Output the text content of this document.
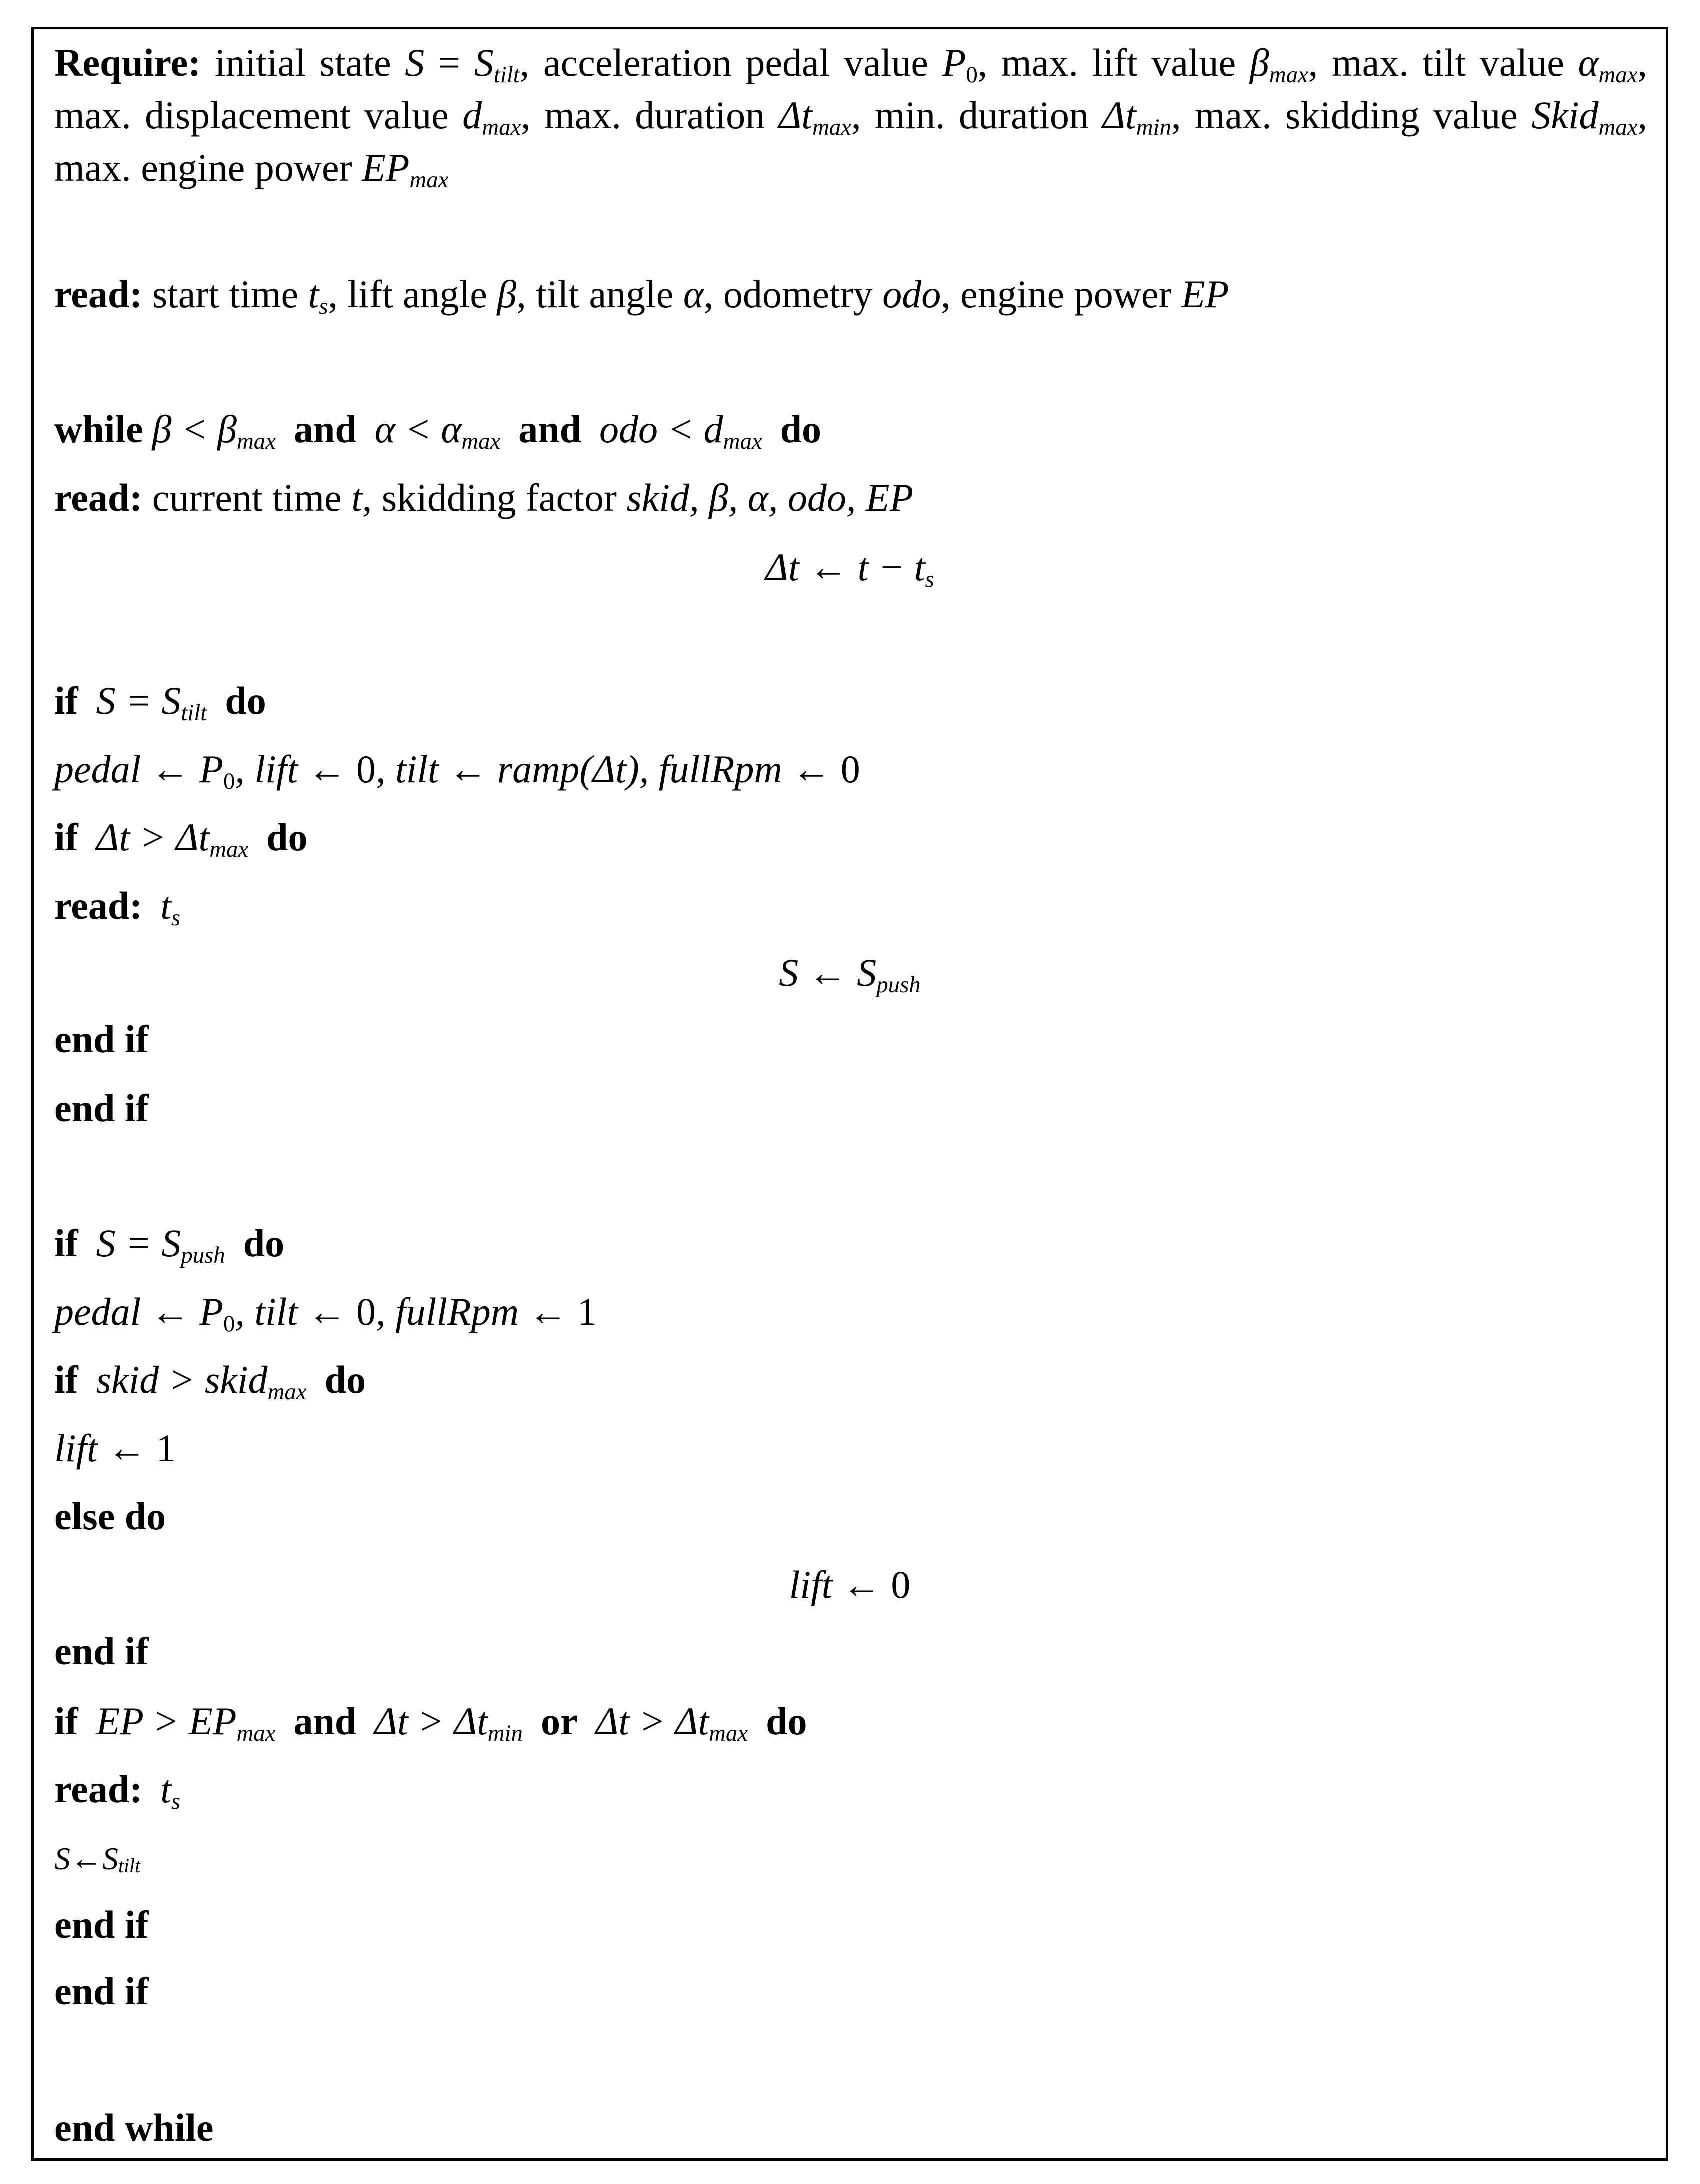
Require: initial state $S = S_{tilt}$, acceleration pedal value $P_0$, max. lift value $\beta_{max}$, max. tilt value $\alpha_{max}$, max. displacement value $d_{max}$, max. duration $\Delta t_{max}$, min. duration $\Delta t_{min}$, max. skidding value Skid$_{max}$, max. engine power $EP_{max}$
read: start time $t_s$, lift angle β, tilt angle α, odometry odo, engine power EP
while $\beta < \beta_{max}$ and $\alpha < \alpha_{max}$ and odo < $d_{max}$ do
read: current time t, skidding factor skid, β, α, odo, EP
Δt ← $t - t_s$
if $S = S_{tilt}$ do
pedal ← $P_0$, lift ← 0, tilt ← ramp(Δt), fullRpm ← 0
if $\Delta t > \Delta t_{max}$ do
read: $t_s$
S ← $S_{push}$
end if
end if
if $S = S_{push}$ do
pedal ← $P_0$, tilt ← 0, fullRpm ← 1
if skid > skid$_{max}$ do
lift ← 1
else do
lift ← 0
end if
if EP > $EP_{max}$ and $\Delta t > \Delta t_{min}$ or $\Delta t > \Delta t_{max}$ do
read: $t_s$
$S\leftarrow S_{tilt}$
end if
end if
end while
